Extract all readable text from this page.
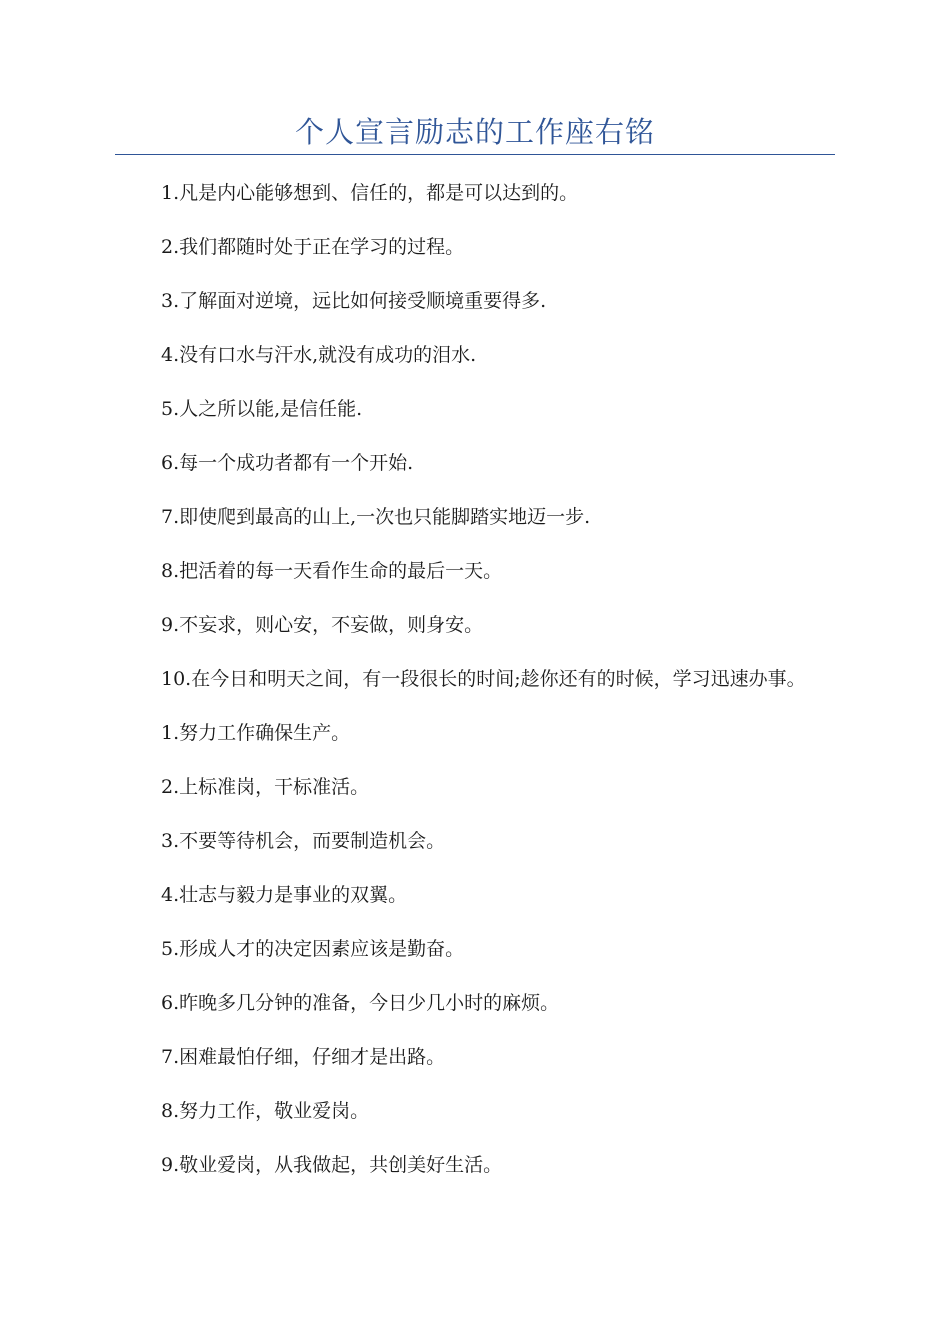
个人宣言励志的工作座右铭

1.凡是内心能够想到、信任的，都是可以达到的。

2.我们都随时处于正在学习的过程。

3.了解面对逆境，远比如何接受顺境重要得多.

4.没有口水与汗水,就没有成功的泪水.

5.人之所以能,是信任能.

6.每一个成功者都有一个开始.

7.即使爬到最高的山上,一次也只能脚踏实地迈一步.

8.把活着的每一天看作生命的最后一天。

9.不妄求，则心安，不妄做，则身安。

10.在今日和明天之间，有一段很长的时间;趁你还有的时候，学习迅速办事。

1.努力工作确保生产。

2.上标准岗，干标准活。

3.不要等待机会，而要制造机会。

4.壮志与毅力是事业的双翼。

5.形成人才的决定因素应该是勤奋。

6.昨晚多几分钟的准备，今日少几小时的麻烦。

7.困难最怕仔细，仔细才是出路。

8.努力工作，敬业爱岗。

9.敬业爱岗，从我做起，共创美好生活。
